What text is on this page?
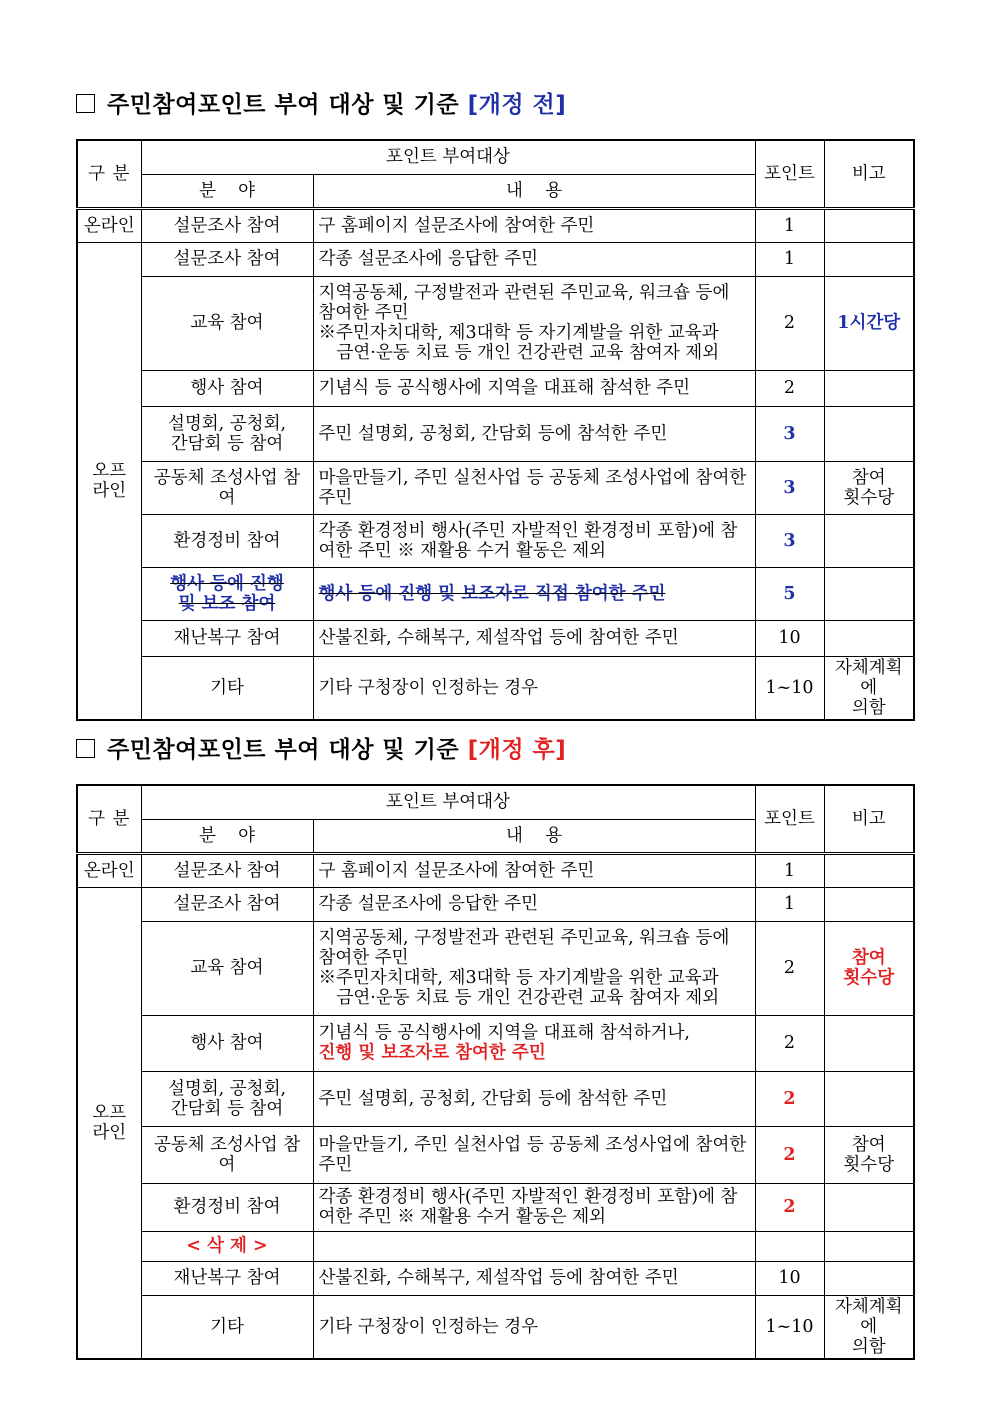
주민참여포인트 부여 대상 및 기준 [개정 전]
구 분	포인트 부여대상		포인트	비고
	분    야	내    용		
온라인	설문조사 참여	구 홈페이지 설문조사에 참여한 주민	1	
오프
라인	설문조사 참여	각종 설문조사에 응답한 주민	1	
	교육 참여	지역공동체, 구정발전과 관련된 주민교육, 워크숍 등에 참여한 주민
※주민자치대학, 제3대학 등 자기계발을 위한 교육과
금연·운동 치료 등 개인 건강관련 교육 참여자 제외	2	1시간당
	행사 참여	기념식 등 공식행사에 지역을 대표해 참석한 주민	2	
	설명회, 공청회,
간담회 등 참여	주민 설명회, 공청회, 간담회 등에 참석한 주민	3	
	공동체 조성사업 참여	마을만들기, 주민 실천사업 등 공동체 조성사업에 참여한 주민	3	참여
횟수당
	환경정비 참여	각종 환경정비 행사(주민 자발적인 환경정비 포함)에 참여한 주민 ※ 재활용 수거 활동은 제외	3	
	행사 등에 진행
및 보조 참여	행사 등에 진행 및 보조자로 직접 참여한 주민	5	
	재난복구 참여	산불진화, 수해복구, 제설작업 등에 참여한 주민	10	
	기타	기타 구청장이 인정하는 경우	1~10	자체계획에
의함
주민참여포인트 부여 대상 및 기준 [개정 후]
구 분	포인트 부여대상		포인트	비고
	분    야	내    용		
온라인	설문조사 참여	구 홈페이지 설문조사에 참여한 주민	1	
오프
라인	설문조사 참여	각종 설문조사에 응답한 주민	1	
	교육 참여	지역공동체, 구정발전과 관련된 주민교육, 워크숍 등에 참여한 주민
※주민자치대학, 제3대학 등 자기계발을 위한 교육과
금연·운동 치료 등 개인 건강관련 교육 참여자 제외	2	참여
횟수당
	행사 참여	기념식 등 공식행사에 지역을 대표해 참석하거나,
진행 및 보조자로 참여한 주민	2	
	설명회, 공청회,
간담회 등 참여	주민 설명회, 공청회, 간담회 등에 참석한 주민	2	
	공동체 조성사업 참여	마을만들기, 주민 실천사업 등 공동체 조성사업에 참여한 주민	2	참여
횟수당
	환경정비 참여	각종 환경정비 행사(주민 자발적인 환경정비 포함)에 참여한 주민 ※ 재활용 수거 활동은 제외	2	
	< 삭 제 >			
	재난복구 참여	산불진화, 수해복구, 제설작업 등에 참여한 주민	10	
	기타	기타 구청장이 인정하는 경우	1~10	자체계획에
의함
